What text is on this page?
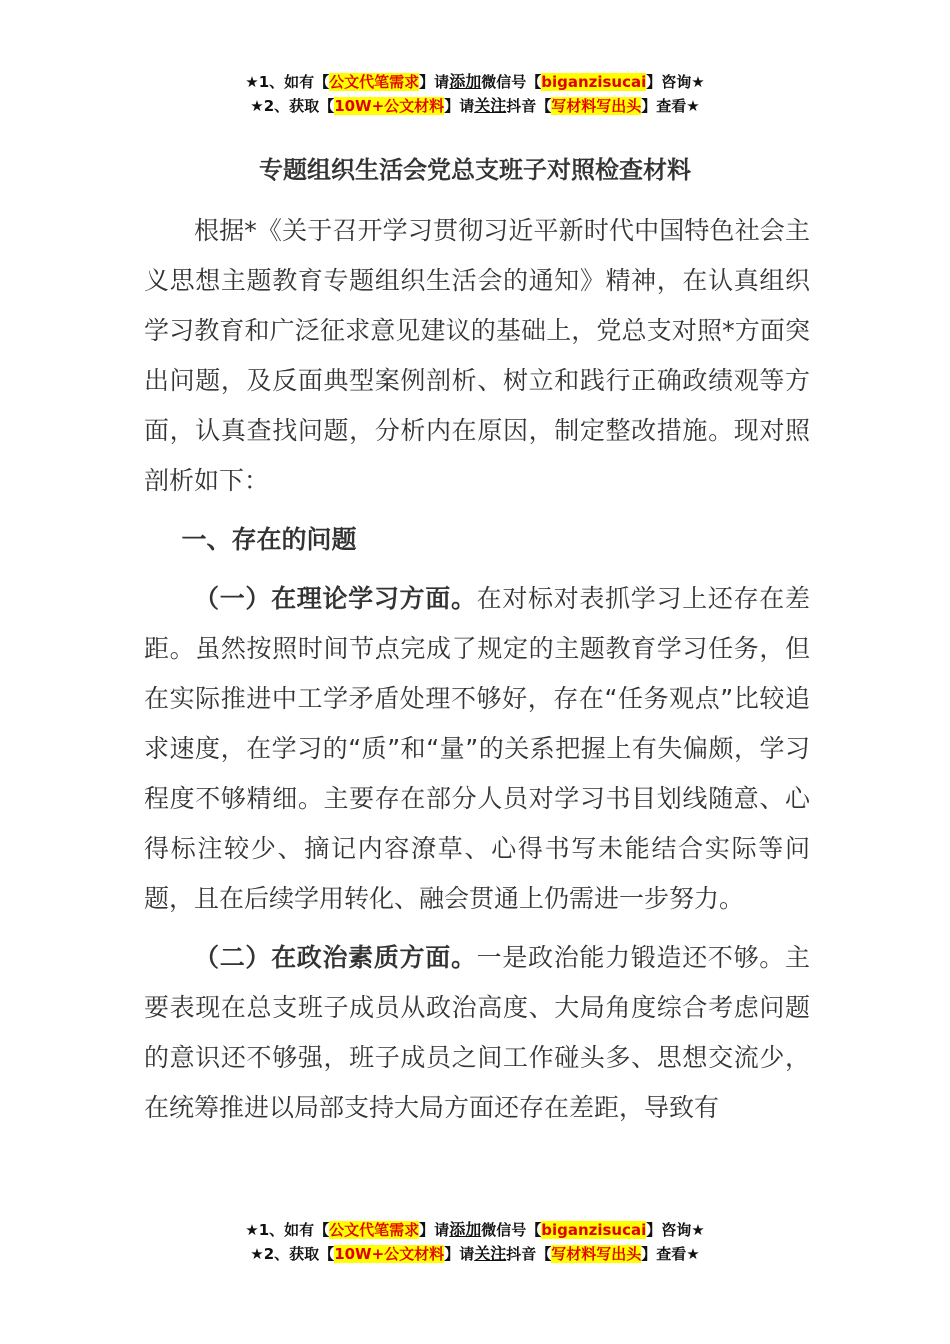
★1、如有【公文代笔需求】请添加微信号【biganzisucai】咨询★
★2、获取【10W+公文材料】请关注抖音【写材料写出头】查看★
专题组织生活会党总支班子对照检查材料

根据*《关于召开学习贯彻习近平新时代中国特色社会主义思想主题教育专题组织生活会的通知》精神，在认真组织学习教育和广泛征求意见建议的基础上，党总支对照*方面突出问题，及反面典型案例剖析、树立和践行正确政绩观等方面，认真查找问题，分析内在原因，制定整改措施。现对照剖析如下：

一、存在的问题

（一）在理论学习方面。在对标对表抓学习上还存在差距。虽然按照时间节点完成了规定的主题教育学习任务，但在实际推进中工学矛盾处理不够好，存在“任务观点”比较追求速度，在学习的“质”和“量”的关系把握上有失偏颇，学习程度不够精细。主要存在部分人员对学习书目划线随意、心得标注较少、摘记内容潦草、心得书写未能结合实际等问题，且在后续学用转化、融会贯通上仍需进一步努力。

（二）在政治素质方面。一是政治能力锻造还不够。主要表现在总支班子成员从政治高度、大局角度综合考虑问题的意识还不够强，班子成员之间工作碰头多、思想交流少，在统筹推进以局部支持大局方面还存在差距，导致有

★1、如有【公文代笔需求】请添加微信号【biganzisucai】咨询★
★2、获取【10W+公文材料】请关注抖音【写材料写出头】查看★
